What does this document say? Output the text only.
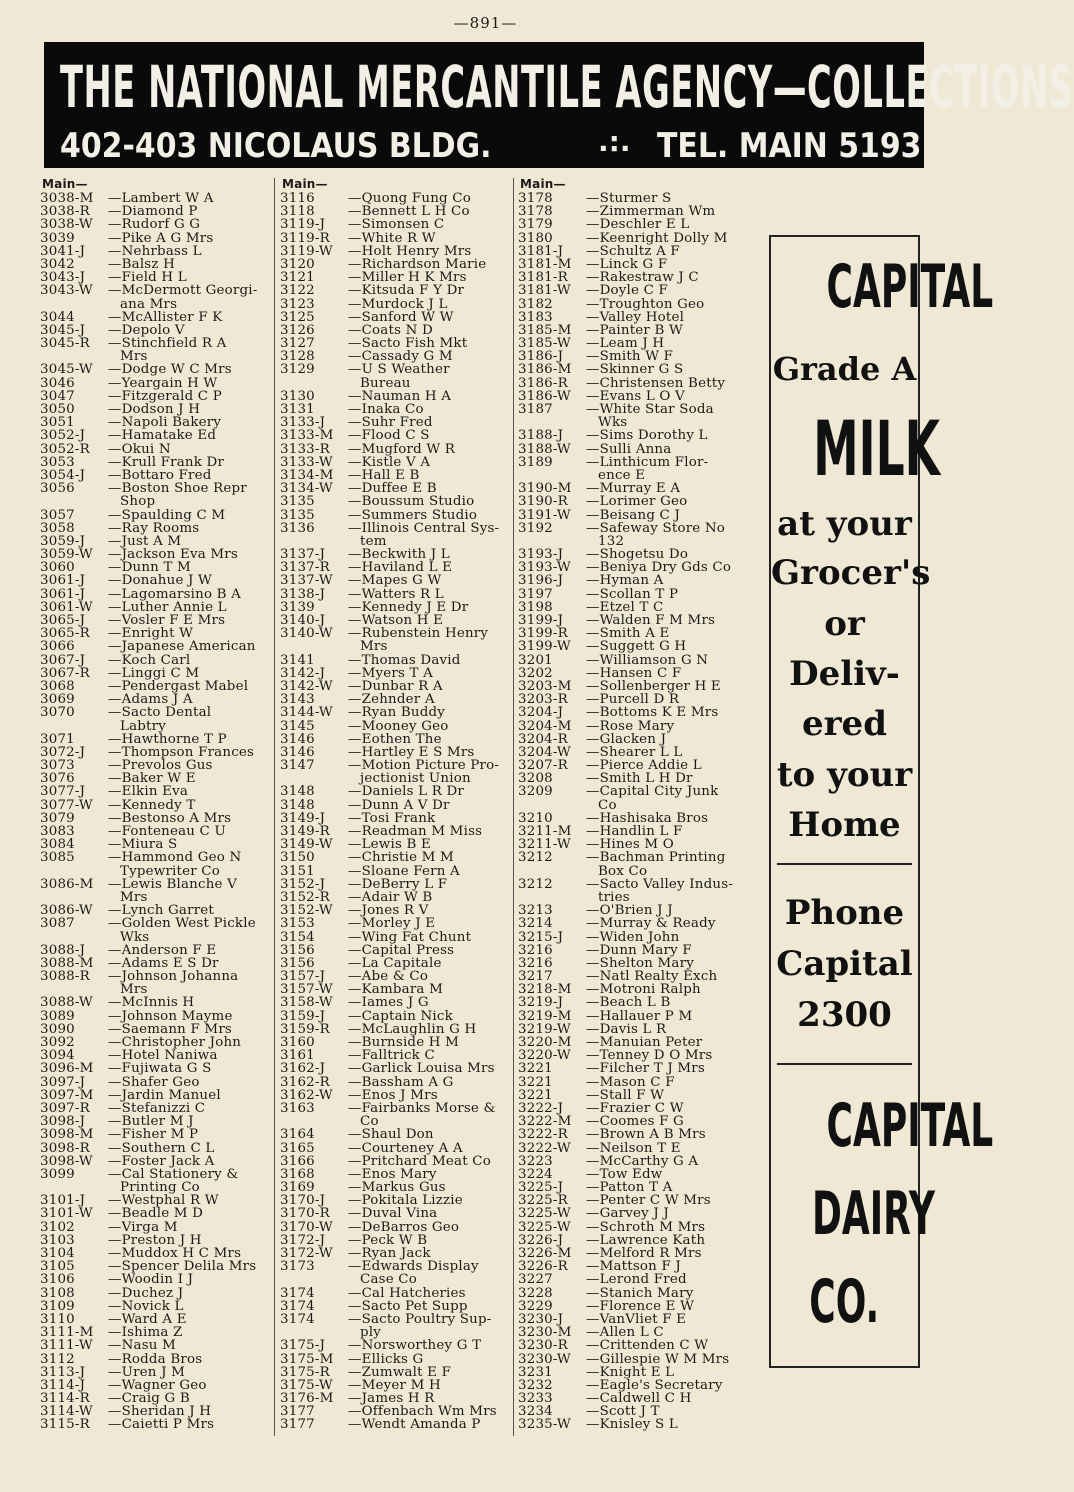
—891—
THE NATIONAL MERCANTILE AGENCY—COLLECTIONS
402-403 NICOLAUS BLDG.	.:. TEL. MAIN 5193
Main—
3038-M —Lambert W A
3038-R —Diamond P
3038-W —Rudorf G G
3039 —Pike A G Mrs
3041-J —Nehrbass L
3042 —Balsz H
3043-J —Field H L
3043-W —McDermott Georgi-
ana Mrs
3044 —McAllister F K
3045-J —Depolo V
3045-R —Stinchfield R A
Mrs
3045-W —Dodge W C Mrs
3046 —Yeargain H W
3047 —Fitzgerald C P
3050 —Dodson J H
3051 —Napoli Bakery
3052-J —Hamatake Ed
3052-R —Okui N
3053 —Krull Frank Dr
3054-J —Bottaro Fred
3056 —Boston Shoe Repr
Shop
3057 —Spaulding C M
3058 —Ray Rooms
3059-J —Just A M
3059-W —Jackson Eva Mrs
3060 —Dunn T M
3061-J —Donahue J W
3061-J —Lagomarsino B A
3061-W —Luther Annie L
3065-J —Vosler F E Mrs
3065-R —Enright W
3066 —Japanese American
3067-J —Koch Carl
3067-R —Linggi C M
3068 —Pendergast Mabel
3069 —Adams J A
3070 —Sacto Dental
Labtry
3071 —Hawthorne T P
3072-J —Thompson Frances
3073 —Prevolos Gus
3076 —Baker W E
3077-J —Elkin Eva
3077-W —Kennedy T
3079 —Bestonso A Mrs
3083 —Fonteneau C U
3084 —Miura S
3085 —Hammond Geo N
Typewriter Co
3086-M —Lewis Blanche V
Mrs
3086-W —Lynch Garret
3087 —Golden West Pickle
Wks
3088-J —Anderson F E
3088-M —Adams E S Dr
3088-R —Johnson Johanna
Mrs
3088-W —McInnis H
3089 —Johnson Mayme
3090 —Saemann F Mrs
3092 —Christopher John
3094 —Hotel Naniwa
3096-M —Fujiwata G S
3097-J —Shafer Geo
3097-M —Jardin Manuel
3097-R —Stefanizzi C
3098-J —Butler M J
3098-M —Fisher M P
3098-R —Southern C L
3098-W —Foster Jack A
3099 —Cal Stationery &
Printing Co
3101-J —Westphal R W
3101-W —Beadle M D
3102 —Virga M
3103 —Preston J H
3104 —Muddox H C Mrs
3105 —Spencer Delila Mrs
3106 —Woodin I J
3108 —Duchez J
3109 —Novick L
3110 —Ward A E
3111-M —Ishima Z
3111-W —Nasu M
3112 —Rodda Bros
3113-J —Uren J M
3114-J —Wagner Geo
3114-R —Craig G B
3114-W —Sheridan J H
3115-R —Caietti P Mrs
Main—
3116 —Quong Fung Co
3118 —Bennett L H Co
3119-J —Simonsen C
3119-R —White R W
3119-W —Holt Henry Mrs
3120 —Richardson Marie
3121 —Miller H K Mrs
3122 —Kitsuda F Y Dr
3123 —Murdock J L
3125 —Sanford W W
3126 —Coats N D
3127 —Sacto Fish Mkt
3128 —Cassady G M
3129 —U S Weather
Bureau
3130 —Nauman H A
3131 —Inaka Co
3133-J —Suhr Fred
3133-M —Flood C S
3133-R —Mugford W R
3133-W —Kistle V A
3134-M —Hall E B
3134-W —Duffee E B
3135 —Boussum Studio
3135 —Summers Studio
3136 —Illinois Central Sys-
tem
3137-J —Beckwith J L
3137-R —Haviland L E
3137-W —Mapes G W
3138-J —Watters R L
3139 —Kennedy J E Dr
3140-J —Watson H E
3140-W —Rubenstein Henry
Mrs
3141 —Thomas David
3142-J —Myers T A
3142-W —Dunbar R A
3143 —Zehnder A
3144-W —Ryan Buddy
3145 —Mooney Geo
3146 —Eothen The
3146 —Hartley E S Mrs
3147 —Motion Picture Pro-
jectionist Union
3148 —Daniels L R Dr
3148 —Dunn A V Dr
3149-J —Tosi Frank
3149-R —Readman M Miss
3149-W —Lewis B E
3150 —Christie M M
3151 —Sloane Fern A
3152-J —DeBerry L F
3152-R —Adair W B
3152-W —Jones R V
3153 —Morley J E
3154 —Wing Fat Chunt
3156 —Capital Press
3156 —La Capitale
3157-J —Abe & Co
3157-W —Kambara M
3158-W —Iames J G
3159-J —Captain Nick
3159-R —McLaughlin G H
3160 —Burnside H M
3161 —Falltrick C
3162-J —Garlick Louisa Mrs
3162-R —Bassham A G
3162-W —Enos J Mrs
3163 —Fairbanks Morse &
Co
3164 —Shaul Don
3165 —Courteney A A
3166 —Pritchard Meat Co
3168 —Enos Mary
3169 —Markus Gus
3170-J —Pokitala Lizzie
3170-R —Duval Vina
3170-W —DeBarros Geo
3172-J —Peck W B
3172-W —Ryan Jack
3173 —Edwards Display
Case Co
3174 —Cal Hatcheries
3174 —Sacto Pet Supp
3174 —Sacto Poultry Sup-
ply
3175-J —Norsworthey G T
3175-M —Ellicks G
3175-R —Zumwalt E F
3175-W —Meyer M H
3176-M —James H R
3177 —Offenbach Wm Mrs
3177 —Wendt Amanda P
Main—
3178 —Sturmer S
3178 —Zimmerman Wm
3179 —Deschler E L
3180 —Keenright Dolly M
3181-J —Schultz A F
3181-M —Linck G F
3181-R —Rakestraw J C
3181-W —Doyle C F
3182 —Troughton Geo
3183 —Valley Hotel
3185-M —Painter B W
3185-W —Leam J H
3186-J —Smith W F
3186-M —Skinner G S
3186-R —Christensen Betty
3186-W —Evans L O V
3187 —White Star Soda
Wks
3188-J —Sims Dorothy L
3188-W —Sulli Anna
3189 —Linthicum Flor-
ence E
3190-M —Murray E A
3190-R —Lorimer Geo
3191-W —Beisang C J
3192 —Safeway Store No
132
3193-J —Shogetsu Do
3193-W —Beniya Dry Gds Co
3196-J —Hyman A
3197 —Scollan T P
3198 —Etzel T C
3199-J —Walden F M Mrs
3199-R —Smith A E
3199-W —Suggett G H
3201 —Williamson G N
3202 —Hansen C F
3203-M —Sollenberger H E
3203-R —Purcell D R
3204-J —Bottoms K E Mrs
3204-M —Rose Mary
3204-R —Glacken J
3204-W —Shearer L L
3207-R —Pierce Addie L
3208 —Smith L H Dr
3209 —Capital City Junk
Co
3210 —Hashisaka Bros
3211-M —Handlin L F
3211-W —Hines M O
3212 —Bachman Printing
Box Co
3212 —Sacto Valley Indus-
tries
3213 —O'Brien J J
3214 —Murray & Ready
3215-J —Widen John
3216 —Dunn Mary F
3216 —Shelton Mary
3217 —Natl Realty Exch
3218-M —Motroni Ralph
3219-J —Beach L B
3219-M —Hallauer P M
3219-W —Davis L R
3220-M —Manuian Peter
3220-W —Tenney D O Mrs
3221 —Filcher T J Mrs
3221 —Mason C F
3221 —Stall F W
3222-J —Frazier C W
3222-M —Coomes F G
3222-R —Brown A B Mrs
3222-W —Neilson T E
3223 —McCarthy G A
3224 —Tow Edw
3225-J —Patton T A
3225-R —Penter C W Mrs
3225-W —Garvey J J
3225-W —Schroth M Mrs
3226-J —Lawrence Kath
3226-M —Melford R Mrs
3226-R —Mattson F J
3227 —Lerond Fred
3228 —Stanich Mary
3229 —Florence E W
3230-J —VanVliet F E
3230-M —Allen L C
3230-R —Crittenden C W
3230-W —Gillespie W M Mrs
3231 —Knight E L
3232 —Eagle's Secretary
3233 —Caldwell C H
3234 —Scott J T
3235-W —Knisley S L
CAPITAL
Grade A
MILK
at your
Grocer's
or
Deliv-
ered
to your
Home
Phone
Capital
2300
CAPITAL
DAIRY
CO.
